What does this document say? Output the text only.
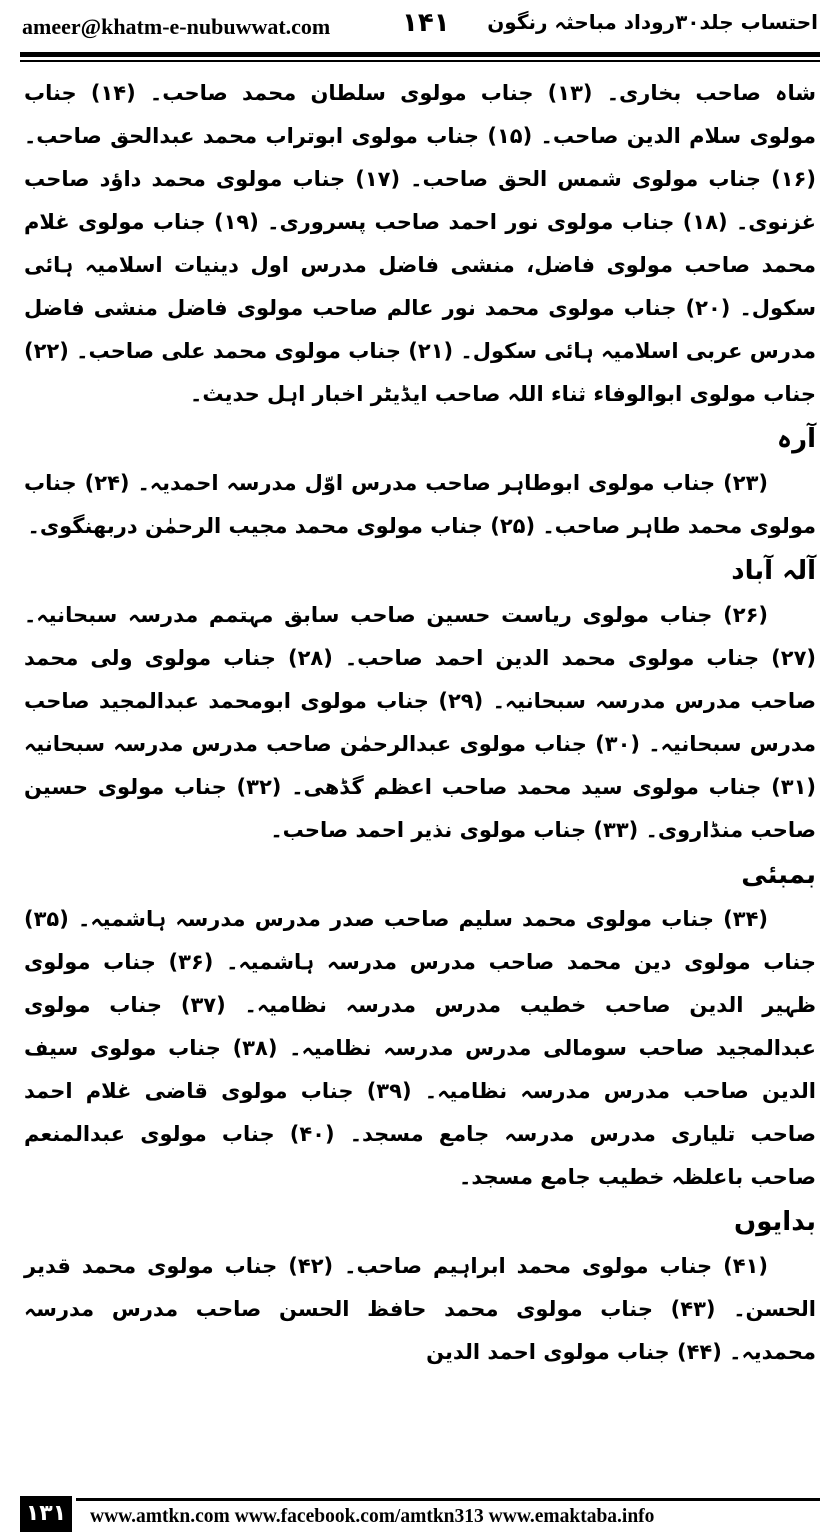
ameer@khatm-e-nubuwwat.com	۱۴۱ احتساب جلد۳۰روداد مباحثہ رنگون

شاہ صاحب بخاری۔ (۱۳) جناب مولوی سلطان محمد صاحب۔ (۱۴) جناب مولوی سلام الدین صاحب۔ (۱۵) جناب مولوی ابوتراب محمد عبدالحق صاحب۔ (۱۶) جناب مولوی شمس الحق صاحب۔ (۱۷) جناب مولوی محمد داؤد صاحب غزنوی۔ (۱۸) جناب مولوی نور احمد صاحب پسروری۔ (۱۹) جناب مولوی غلام محمد صاحب مولوی فاضل، منشی فاضل مدرس اول دینیات اسلامیہ ہائی سکول۔ (۲۰) جناب مولوی محمد نور عالم صاحب مولوی فاضل منشی فاضل مدرس عربی اسلامیہ ہائی سکول۔ (۲۱) جناب مولوی محمد علی صاحب۔ (۲۲) جناب مولوی ابوالوفاء ثناء اللہ صاحب ایڈیٹر اخبار اہل حدیث۔

آرہ

(۲۳) جناب مولوی ابوطاہر صاحب مدرس اوّل مدرسہ احمدیہ۔ (۲۴) جناب مولوی محمد طاہر صاحب۔ (۲۵) جناب مولوی محمد مجیب الرحمٰن دربھنگوی۔

آلہ آباد

(۲۶) جناب مولوی ریاست حسین صاحب سابق مہتمم مدرسہ سبحانیہ۔ (۲۷) جناب مولوی محمد الدین احمد صاحب۔ (۲۸) جناب مولوی ولی محمد صاحب مدرس مدرسہ سبحانیہ۔ (۲۹) جناب مولوی ابومحمد عبدالمجید صاحب مدرس سبحانیہ۔ (۳۰) جناب مولوی عبدالرحمٰن صاحب مدرس مدرسہ سبحانیہ (۳۱) جناب مولوی سید محمد صاحب اعظم گڈھی۔ (۳۲) جناب مولوی حسین صاحب منڈاروی۔ (۳۳) جناب مولوی نذیر احمد صاحب۔

بمبئی

(۳۴) جناب مولوی محمد سلیم صاحب صدر مدرس مدرسہ ہاشمیہ۔ (۳۵) جناب مولوی دین محمد صاحب مدرس مدرسہ ہاشمیہ۔ (۳۶) جناب مولوی ظہیر الدین صاحب خطیب مدرس مدرسہ نظامیہ۔ (۳۷) جناب مولوی عبدالمجید صاحب سومالی مدرس مدرسہ نظامیہ۔ (۳۸) جناب مولوی سیف الدین صاحب مدرس مدرسہ نظامیہ۔ (۳۹) جناب مولوی قاضی غلام احمد صاحب تلیاری مدرس مدرسہ جامع مسجد۔ (۴۰) جناب مولوی عبدالمنعم صاحب باعلظہ خطیب جامع مسجد۔

بدایوں

(۴۱) جناب مولوی محمد ابراہیم صاحب۔ (۴۲) جناب مولوی محمد قدیر الحسن۔ (۴۳) جناب مولوی محمد حافظ الحسن صاحب مدرس مدرسہ محمدیہ۔ (۴۴) جناب مولوی احمد الدین

۱۳۱	www.amtkn.com www.facebook.com/amtkn313 www.emaktaba.info
